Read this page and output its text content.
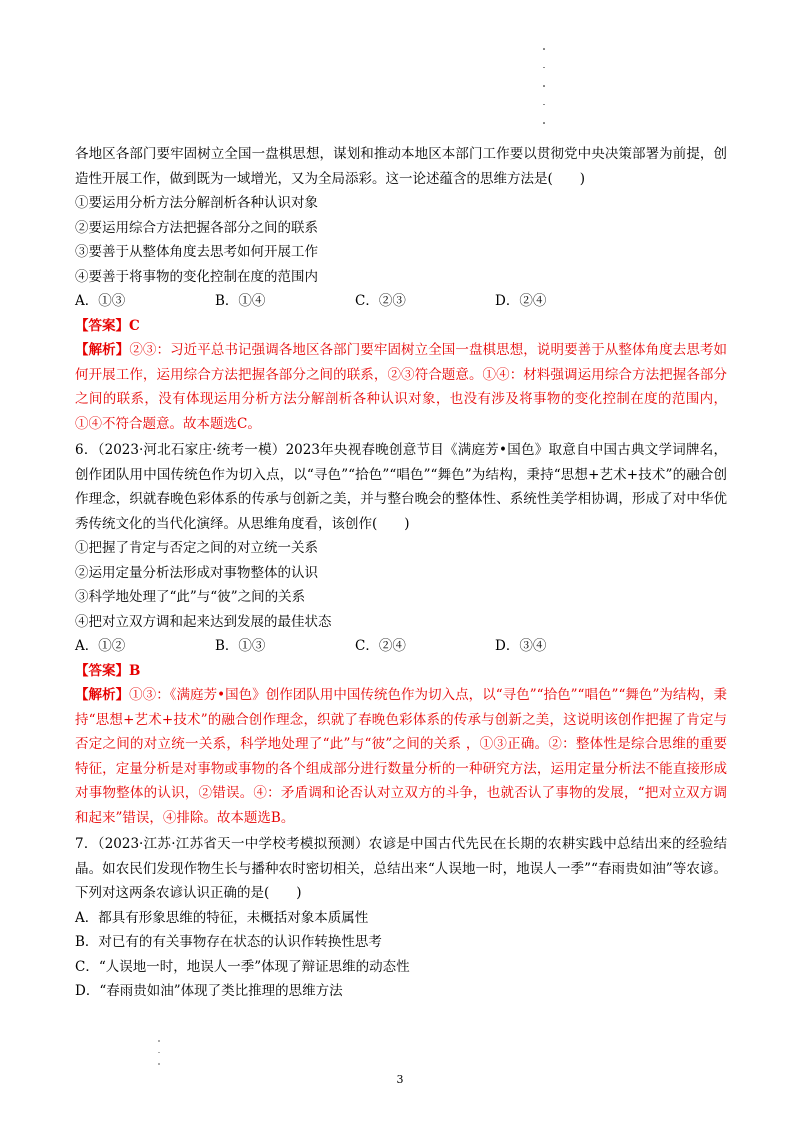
各地区各部门要牢固树立全国一盘棋思想，谋划和推动本地区本部门工作要以贯彻党中央决策部署为前提，创造性开展工作，做到既为一域增光，又为全局添彩。这一论述蕴含的思维方法是(　　)
①要运用分析方法分解剖析各种认识对象
②要运用综合方法把握各部分之间的联系
③要善于从整体角度去思考如何开展工作
④要善于将事物的变化控制在度的范围内
A．①③	B．①④	C．②③	D．②④
【答案】C
【解析】②③：习近平总书记强调各地区各部门要牢固树立全国一盘棋思想，说明要善于从整体角度去思考如何开展工作，运用综合方法把握各部分之间的联系，②③符合题意。①④：材料强调运用综合方法把握各部分之间的联系，没有体现运用分析方法分解剖析各种认识对象，也没有涉及将事物的变化控制在度的范围内，①④不符合题意。故本题选C。
6．（2023·河北石家庄·统考一模）2023年央视春晚创意节目《满庭芳•国色》取意自中国古典文学词牌名，创作团队用中国传统色作为切入点，以“寻色”“拾色”“唱色”“舞色”为结构，秉持“思想+艺术+技术”的融合创作理念，织就春晚色彩体系的传承与创新之美，并与整台晚会的整体性、系统性美学相协调，形成了对中华优秀传统文化的当代化演绎。从思维角度看，该创作(　　)
①把握了肯定与否定之间的对立统一关系
②运用定量分析法形成对事物整体的认识
③科学地处理了“此”与“彼”之间的关系
④把对立双方调和起来达到发展的最佳状态
A．①②	B．①③	C．②④	D．③④
【答案】B
【解析】①③：《满庭芳•国色》创作团队用中国传统色作为切入点，以“寻色”“拾色”“唱色”“舞色”为结构，秉持“思想+艺术+技术”的融合创作理念，织就了春晚色彩体系的传承与创新之美，这说明该创作把握了肯定与否定之间的对立统一关系，科学地处理了“此”与“彼”之间的关系 ，①③正确。②：整体性是综合思维的重要特征，定量分析是对事物或事物的各个组成部分进行数量分析的一种研究方法，运用定量分析法不能直接形成对事物整体的认识，②错误。④：矛盾调和论否认对立双方的斗争，也就否认了事物的发展，“把对立双方调和起来”错误，④排除。故本题选B。
7．（2023·江苏·江苏省天一中学校考模拟预测）农谚是中国古代先民在长期的农耕实践中总结出来的经验结晶。如农民们发现作物生长与播种农时密切相关，总结出来“人误地一时，地误人一季”“春雨贵如油”等农谚。下列对这两条农谚认识正确的是(　　)
A．都具有形象思维的特征，未概括对象本质属性
B．对已有的有关事物存在状态的认识作转换性思考
C．“人误地一时，地误人一季”体现了辩证思维的动态性
D．“春雨贵如油”体现了类比推理的思维方法
3
